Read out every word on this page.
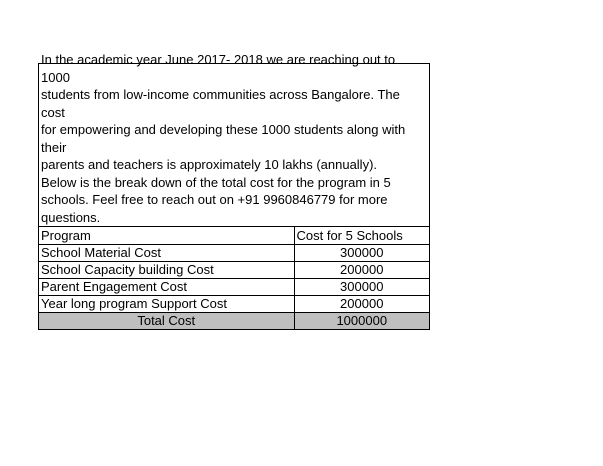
In the academic year June 2017- 2018 we are reaching out to 1000

students from low-income communities across Bangalore. The cost

for empowering and developing these 1000 students along with their

parents and teachers is approximately 10 lakhs (annually).

Below is the break down of the total cost for the program in 5

schools. Feel free to reach out on +91 9960846779 for more

questions.

Program	Cost for 5 Schools
School Material Cost	300000
School Capacity building Cost	200000
Parent Engagement Cost	300000
Year long program Support Cost	200000
Total Cost	1000000
